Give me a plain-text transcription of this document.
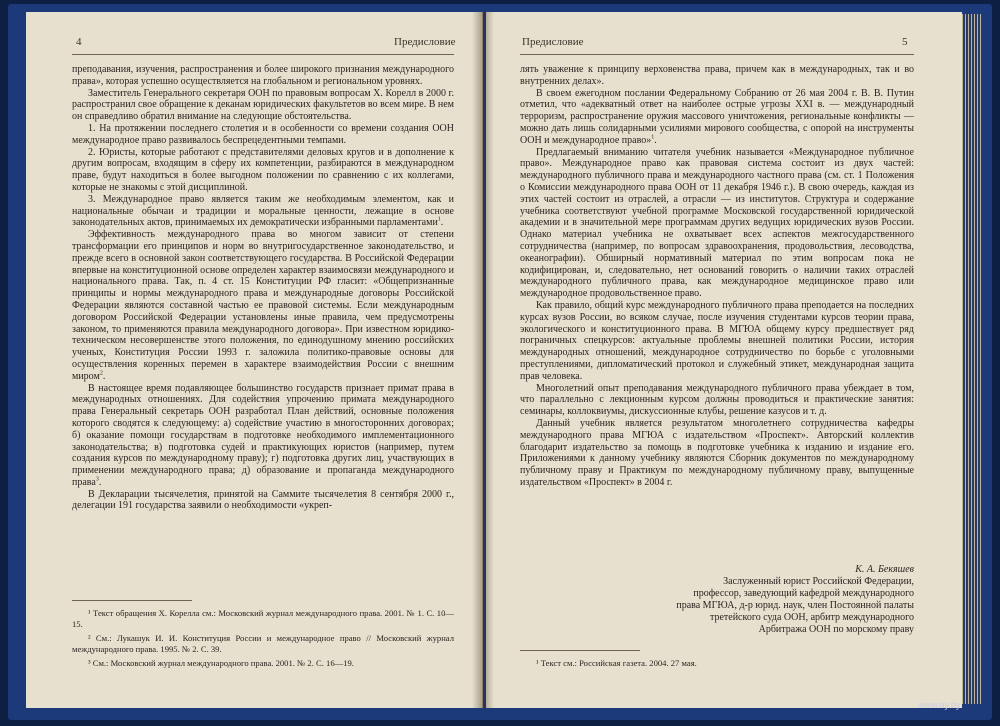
4	Предисловие

преподавания, изучения, распространения и более широкого признания международного права», которая успешно осуществляется на глобальном и региональном уровнях.

Заместитель Генерального секретаря ООН по правовым вопросам Х. Корелл в 2000 г. распространил свое обращение к деканам юридических факультетов во всем мире. В нем он справедливо обратил внимание на следующие обстоятельства.

1. На протяжении последнего столетия и в особенности со времени создания ООН международное право развивалось беспрецедентными темпами.

2. Юристы, которые работают с представителями деловых кругов и в дополнение к другим вопросам, входящим в сферу их компетенции, разбираются в международном праве, будут находиться в более выгодном положении по сравнению с их коллегами, которые не знакомы с этой дисциплиной.

3. Международное право является таким же необходимым элементом, как и национальные обычаи и традиции и моральные ценности, лежащие в основе законодательных актов, принимаемых их демократически избранными парламентами$^1$.

Эффективность международного права во многом зависит от степени трансформации его принципов и норм во внутригосударственное законодательство, и прежде всего в основной закон соответствующего государства. В Российской Федерации впервые на конституционной основе определен характер взаимосвязи международного и национального права. Так, п. 4 ст. 15 Конституции РФ гласит: «Общепризнанные принципы и нормы международного права и международные договоры Российской Федерации являются составной частью ее правовой системы. Если международным договором Российской Федерации установлены иные правила, чем предусмотрены законом, то применяются правила международного договора». При известном юридико-техническом несовершенстве этого положения, по единодушному мнению российских ученых, Конституция России 1993 г. заложила политико-правовые основы для осуществления коренных перемен в характере взаимодействия России с внешним миром$^2$.

В настоящее время подавляющее большинство государств признает примат права в международных отношениях. Для содействия упрочению примата международного права Генеральный секретарь ООН разработал План действий, основные положения которого сводятся к следующему: а) содействие участию в многосторонних договорах; б) оказание помощи государствам в подготовке необходимого имплементационного законодательства; в) подготовка судей и практикующих юристов (например, путем создания курсов по международному праву); г) подготовка других лиц, участвующих в применении международного права; д) образование и пропаганда международного права$^3$.

В Декларации тысячелетия, принятой на Саммите тысячелетия 8 сентября 2000 г., делегации 191 государства заявили о необходимости «укреп-

¹ Текст обращения Х. Корелла см.: Московский журнал международного права. 2001. № 1. С. 10—15.

² См.: Лукашук И. И. Конституция России и международное право // Московский журнал международного права. 1995. № 2. С. 39.

³ См.: Московский журнал международного права. 2001. № 2. С. 16—19.

Предисловие	5

лять уважение к принципу верховенства права, причем как в международных, так и во внутренних делах».

В своем ежегодном послании Федеральному Собранию от 26 мая 2004 г. В. В. Путин отметил, что «адекватный ответ на наиболее острые угрозы XXI в. — международный терроризм, распространение оружия массового уничтожения, региональные конфликты — можно дать лишь солидарными усилиями мирового сообщества, с опорой на инструменты ООН и международное право»$^1$.

Предлагаемый вниманию читателя учебник называется «Международное публичное право». Международное право как правовая система состоит из двух частей: международного публичного права и международного частного права (см. ст. 1 Положения о Комиссии международного права ООН от 11 декабря 1946 г.). В свою очередь, каждая из этих частей состоит из отраслей, а отрасли — из институтов. Структура и содержание учебника соответствуют учебной программе Московской государственной юридической академии и в значительной мере программам других ведущих юридических вузов России. Однако материал учебника не охватывает всех аспектов межгосударственного сотрудничества (например, по вопросам здравоохранения, продовольствия, лесоводства, океанографии). Обширный нормативный материал по этим вопросам пока не кодифицирован, и, следовательно, нет оснований говорить о наличии таких отраслей международного публичного права, как международное медицинское право или международное продовольственное право.

Как правило, общий курс международного публичного права преподается на последних курсах вузов России, во всяком случае, после изучения студентами курсов теории права, экологического и конституционного права. В МГЮА общему курсу предшествует ряд пограничных спецкурсов: актуальные проблемы внешней политики России, история международных отношений, международное сотрудничество по борьбе с уголовными преступлениями, дипломатический протокол и служебный этикет, международная защита прав человека.

Многолетний опыт преподавания международного публичного права убеждает в том, что параллельно с лекционным курсом должны проводиться и практические занятия: семинары, коллоквиумы, дискуссионные клубы, решение казусов и т. д.

Данный учебник является результатом многолетнего сотрудничества кафедры международного права МГЮА с издательством «Проспект». Авторский коллектив благодарит издательство за помощь в подготовке учебника к изданию и издание его. Приложениями к данному учебнику являются Сборник документов по международному публичному праву и Практикум по международному публичному праву, выпущенные издательством «Проспект» в 2004 г.

К. А. Бекяшев
Заслуженный юрист Российской Федерации,
профессор, заведующий кафедрой международного
права МГЮА, д-р юрид. наук, член Постоянной палаты
третейского суда ООН, арбитр международного
Арбитража ООН по морскому праву

¹ Текст см.: Российская газета. 2004. 27 мая.

www.ay.by
